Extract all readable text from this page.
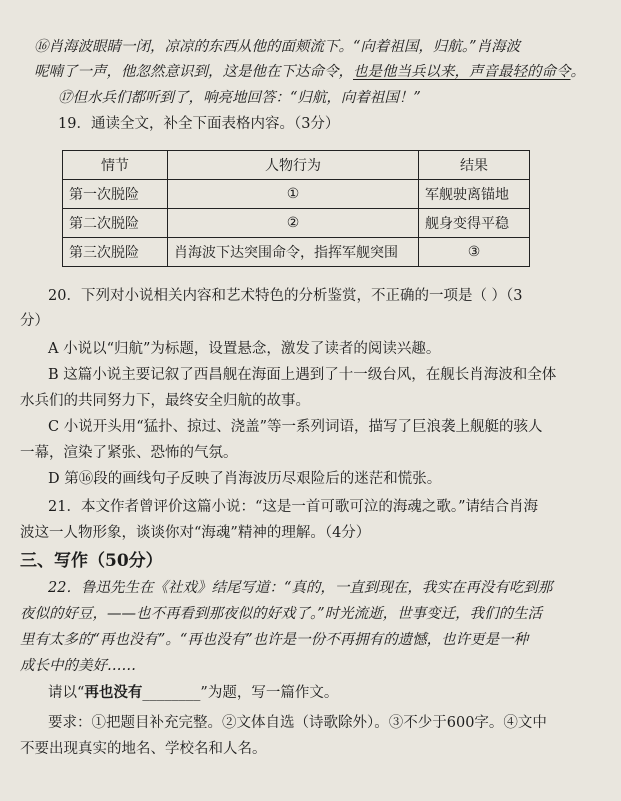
⑯肖海波眼睛一闭，凉凉的东西从他的面颊流下。“向着祖国，归航。”肖海波
呢喃了一声，他忽然意识到，这是他在下达命令，也是他当兵以来，声音最轻的命令。
⑰但水兵们都听到了，响亮地回答：“归航，向着祖国！”
19．通读全文，补全下面表格内容。（3分）
情节	人物行为	结果
第一次脱险	①	军舰驶离锚地
第二次脱险	②	舰身变得平稳
第三次脱险	肖海波下达突围命令，指挥军舰突围	③
20．下列对小说相关内容和艺术特色的分析鉴赏，不正确的一项是（ ）（3
分）
A 小说以“归航”为标题，设置悬念，激发了读者的阅读兴趣。
B 这篇小说主要记叙了西昌舰在海面上遇到了十一级台风，在舰长肖海波和全体
水兵们的共同努力下，最终安全归航的故事。
C 小说开头用“猛扑、掠过、浇盖”等一系列词语，描写了巨浪袭上舰艇的骇人
一幕，渲染了紧张、恐怖的气氛。
D 第⑯段的画线句子反映了肖海波历尽艰险后的迷茫和慌张。
21．本文作者曾评价这篇小说：“这是一首可歌可泣的海魂之歌。”请结合肖海
波这一人物形象，谈谈你对“海魂”精神的理解。（4分）
三、写作（50分）
22．鲁迅先生在《社戏》结尾写道：“真的，一直到现在，我实在再没有吃到那
夜似的好豆，——也不再看到那夜似的好戏了。”时光流逝，世事变迁，我们的生活
里有太多的“再也没有”。“再也没有”也许是一份不再拥有的遗憾，也许更是一种
成长中的美好……
请以“再也没有________”为题，写一篇作文。
要求：①把题目补充完整。②文体自选（诗歌除外）。③不少于600字。④文中
不要出现真实的地名、学校名和人名。
